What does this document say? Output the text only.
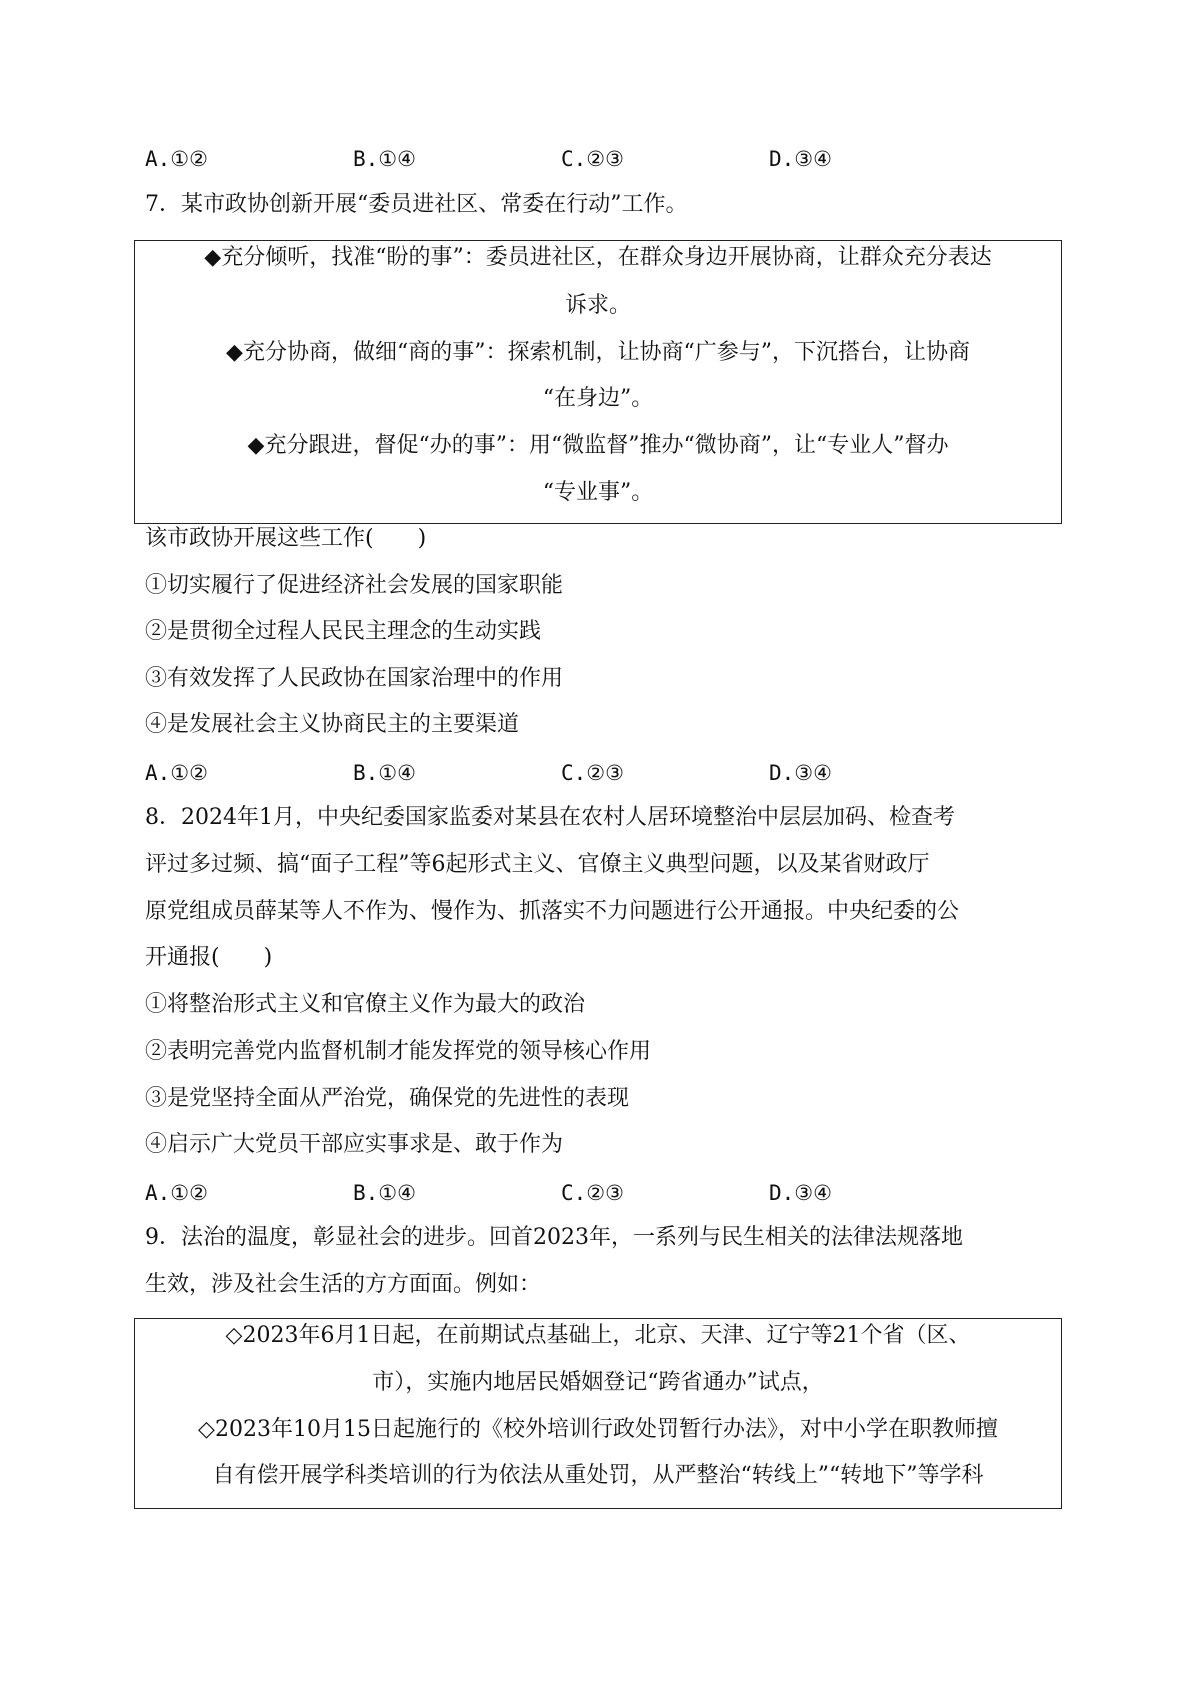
A.①②	B.①④	C.②③	D.③④
7．某市政协创新开展“委员进社区、常委在行动”工作。
◆充分倾听，找准“盼的事”：委员进社区，在群众身边开展协商，让群众充分表达
诉求。
◆充分协商，做细“商的事”：探索机制，让协商“广参与”，下沉搭台，让协商
“在身边”。
◆充分跟进，督促“办的事”：用“微监督”推办“微协商”，让“专业人”督办
“专业事”。
该市政协开展这些工作(　　)
①切实履行了促进经济社会发展的国家职能
②是贯彻全过程人民民主理念的生动实践
③有效发挥了人民政协在国家治理中的作用
④是发展社会主义协商民主的主要渠道
A.①②	B.①④	C.②③	D.③④
8．2024年1月，中央纪委国家监委对某县在农村人居环境整治中层层加码、检查考
评过多过频、搞“面子工程”等6起形式主义、官僚主义典型问题，以及某省财政厅
原党组成员薛某等人不作为、慢作为、抓落实不力问题进行公开通报。中央纪委的公
开通报(　　)
①将整治形式主义和官僚主义作为最大的政治
②表明完善党内监督机制才能发挥党的领导核心作用
③是党坚持全面从严治党，确保党的先进性的表现
④启示广大党员干部应实事求是、敢于作为
A.①②	B.①④	C.②③	D.③④
9．法治的温度，彰显社会的进步。回首2023年，一系列与民生相关的法律法规落地
生效，涉及社会生活的方方面面。例如：
◇2023年6月1日起，在前期试点基础上，北京、天津、辽宁等21个省（区、
市），实施内地居民婚姻登记“跨省通办”试点，
◇2023年10月15日起施行的《校外培训行政处罚暂行办法》，对中小学在职教师擅
自有偿开展学科类培训的行为依法从重处罚，从严整治“转线上”“转地下”等学科
